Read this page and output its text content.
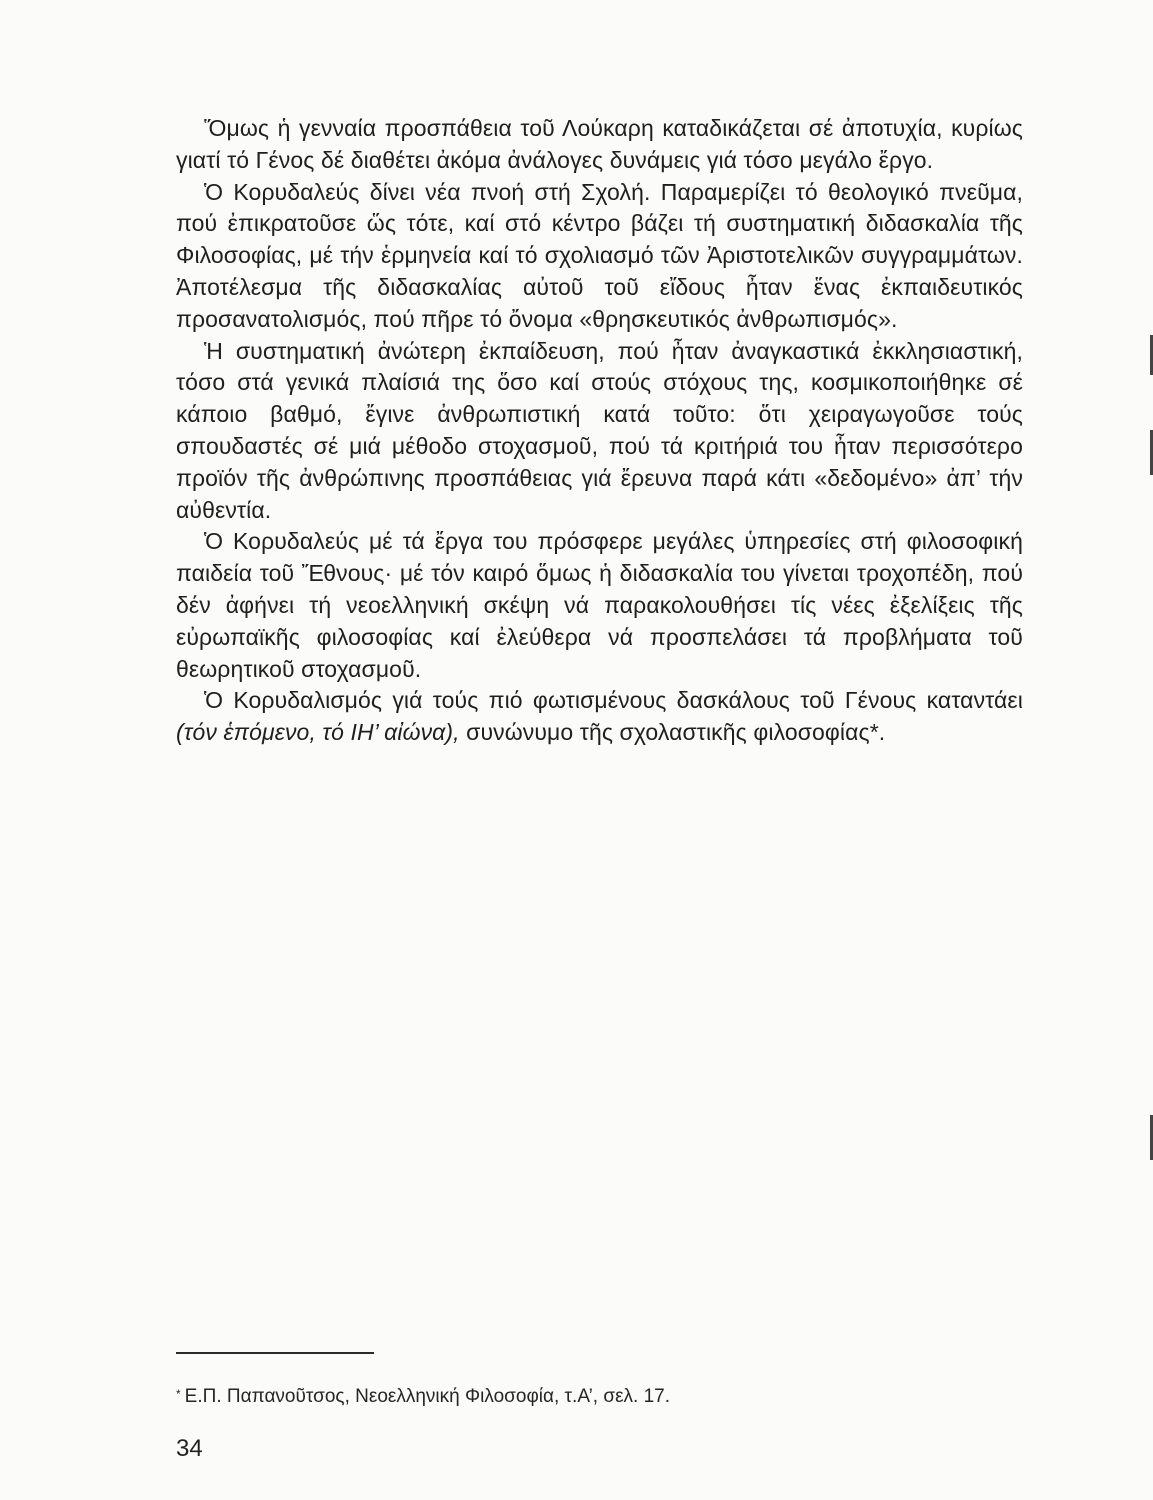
Ὅμως ἡ γενναία προσπάθεια τοῦ Λούκαρη καταδικάζεται σέ ἀποτυχία, κυρίως γιατί τό Γένος δέ διαθέτει ἀκόμα ἀνάλογες δυνάμεις γιά τόσο μεγάλο ἔργο.

Ὁ Κορυδαλεύς δίνει νέα πνοή στή Σχολή. Παραμερίζει τό θεολογικό πνεῦμα, πού ἐπικρατοῦσε ὥς τότε, καί στό κέντρο βάζει τή συστηματική διδασκαλία τῆς Φιλοσοφίας, μέ τήν ἑρμηνεία καί τό σχολιασμό τῶν Ἀριστοτελικῶν συγγραμμάτων. Ἀποτέλεσμα τῆς διδασκαλίας αὐτοῦ τοῦ εἴδους ἦταν ἕνας ἐκπαιδευτικός προσανατολισμός, πού πῆρε τό ὄνομα «θρησκευτικός ἀνθρωπισμός».

Ἡ συστηματική ἀνώτερη ἐκπαίδευση, πού ἦταν ἀναγκαστικά ἐκκλησιαστική, τόσο στά γενικά πλαίσιά της ὅσο καί στούς στόχους της, κοσμικοποιήθηκε σέ κάποιο βαθμό, ἔγινε ἀνθρωπιστική κατά τοῦτο: ὅτι χειραγωγοῦσε τούς σπουδαστές σέ μιά μέθοδο στοχασμοῦ, πού τά κριτήριά του ἦταν περισσότερο προϊόν τῆς ἀνθρώπινης προσπάθειας γιά ἔρευνα παρά κάτι «δεδομένο» ἀπ’ τήν αὐθεντία.

Ὁ Κορυδαλεύς μέ τά ἔργα του πρόσφερε μεγάλες ὑπηρεσίες στή φιλοσοφική παιδεία τοῦ Ἔθνους· μέ τόν καιρό ὅμως ἡ διδασκαλία του γίνεται τροχοπέδη, πού δέν ἀφήνει τή νεοελληνική σκέψη νά παρακολουθήσει τίς νέες ἐξελίξεις τῆς εὐρωπαϊκῆς φιλοσοφίας καί ἐλεύθερα νά προσπελάσει τά προβλήματα τοῦ θεωρητικοῦ στοχασμοῦ.

Ὁ Κορυδαλισμός γιά τούς πιό φωτισμένους δασκάλους τοῦ Γένους καταντάει (τόν ἑπόμενο, τό ΙΗ’ αἰώνα), συνώνυμο τῆς σχολαστικῆς φιλοσοφίας*.

* Ε.Π. Παπανοῦτσος, Νεοελληνική Φιλοσοφία, τ.Α’, σελ. 17.
34
